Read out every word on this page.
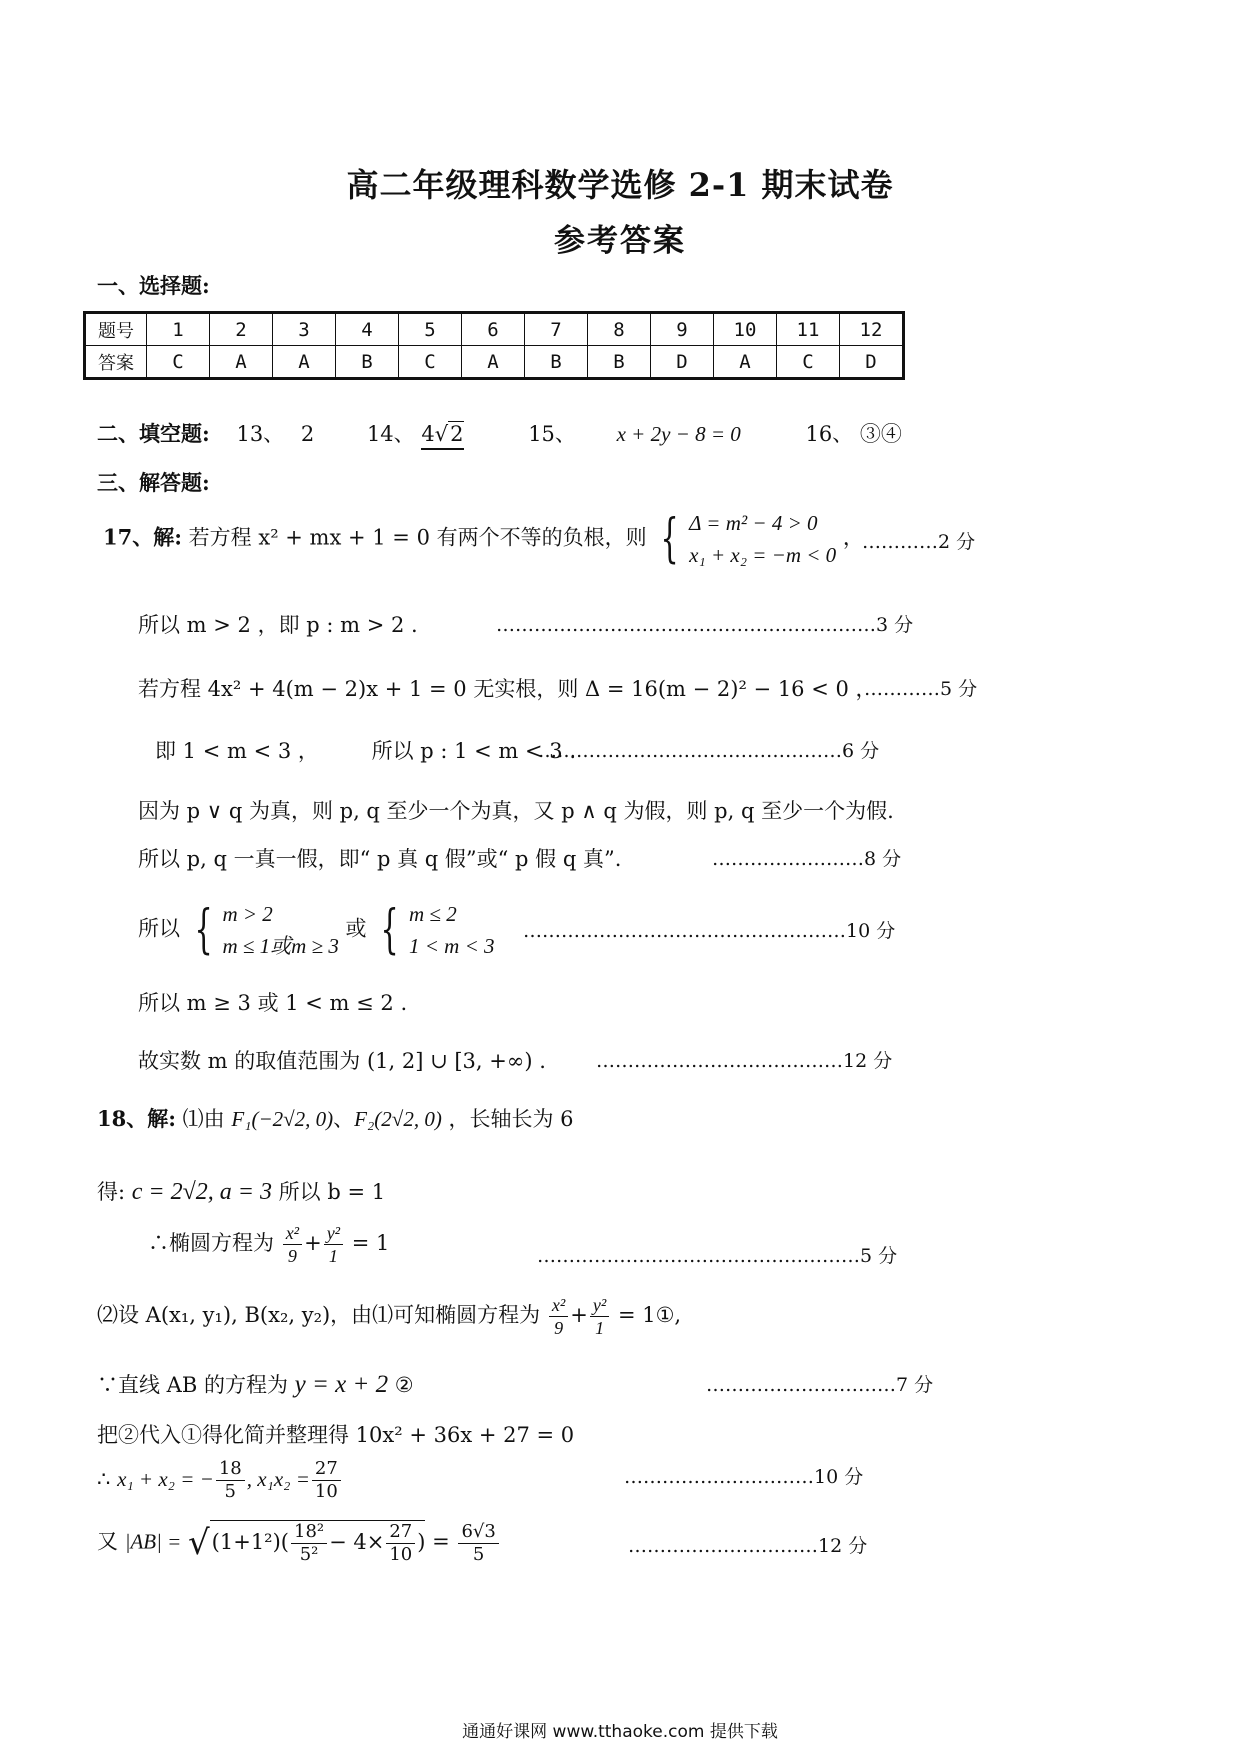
高二年级理科数学选修 2-1 期末试卷
参考答案
一、选择题:
题号	1	2	3	4	5	6	7	8	9	10	11	12
答案	C	A	A	B	C	A	B	B	D	A	C	D
二、填空题: 13、 2	14、 4√2	15、 x + 2y − 8 = 0	16、 ③④
三、解答题:
17、解: 若方程 x² + mx + 1 = 0 有两个不等的负根，则 { Δ = m² − 4 > 0
x₁ + x₂ = −m < 0
，
…………2 分
所以 m > 2 ，即 p : m > 2 .	……………………………………………………3 分
若方程 4x² + 4(m − 2)x + 1 = 0 无实根，则 Δ = 16(m − 2)² − 16 < 0 ，
…………5 分
即 1 < m < 3 ，	所以 p : 1 < m < 3 .
…………………………………………6 分
因为 p ∨ q 为真，则 p, q 至少一个为真，又 p ∧ q 为假，则 p, q 至少一个为假.
所以 p, q 一真一假，即“ p 真 q 假”或“ p 假 q 真”.	……………………8 分
所以 { m > 2
m ≤ 1或m ≥ 3
或 { m ≤ 2
1 < m < 3
……………………………………………10 分
所以 m ≥ 3 或 1 < m ≤ 2 .
故实数 m 的取值范围为 (1, 2] ∪ [3, +∞) .	…………………………………12 分
18、解: ⑴由 F₁(−2√2, 0)、F₂(2√2, 0) ，长轴长为 6
得: c = 2√2, a = 3 所以 b = 1
∴椭圆方程为 $\frac{\text{x²}}{9} + \frac{\text{y²}}{1} = 1$
……………………………………………5 分
⑵设 A(x₁, y₁), B(x₂, y₂)，由⑴可知椭圆方程为 $\frac{\text{x²}}{9} + \frac{\text{y²}}{1}$ = 1①,
∵直线 AB 的方程为 y = x + 2 ②	…………………………7 分
把②代入①得化简并整理得 10x² + 36x + 27 = 0
∴ x₁ + x₂ = − $\frac{18}{5}$ , $x_1x_2 = \frac{27}{10}$	…………………………10 分
又 $|AB| = √(1+1^2)( \frac{\text{18²}}{\text{5²}} - 4\times \frac{27}{10}$ ) = $\frac{6√3}{5}$	…………………………12 分
通通好课网 www.tthaoke.com 提供下载
